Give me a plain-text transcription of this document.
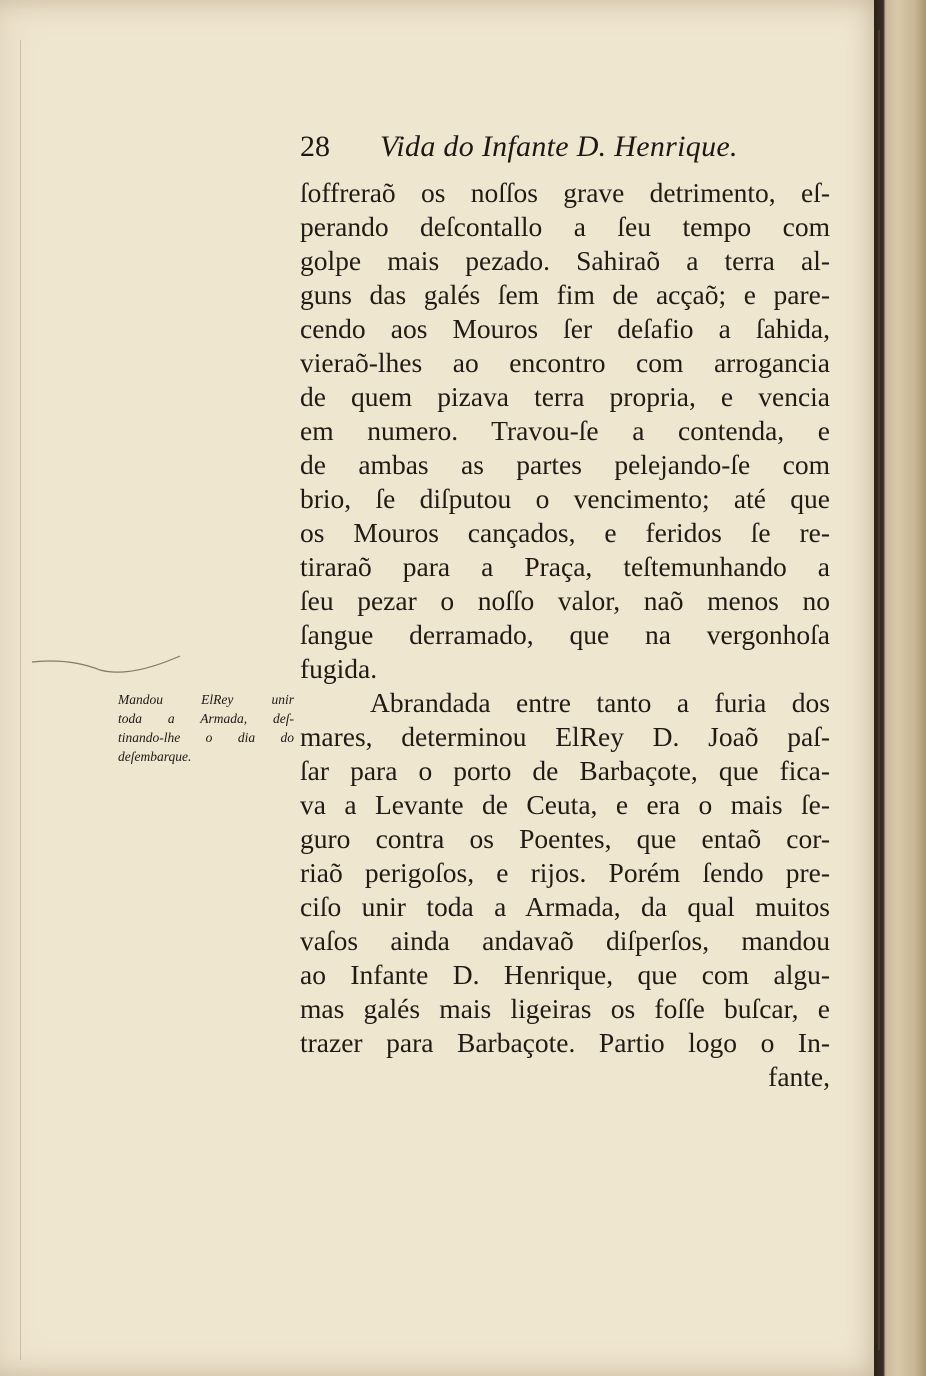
28 Vida do Infante D. Henrique.
ſoffreraõ os noſſos grave detrimento, eſ-
perando deſcontallo a ſeu tempo com
golpe mais pezado. Sahiraõ a terra al-
guns das galés ſem fim de acçaõ; e pare-
cendo aos Mouros ſer deſafio a ſahida,
vieraõ-lhes ao encontro com arrogancia
de quem pizava terra propria, e vencia
em numero. Travou-ſe a contenda, e
de ambas as partes pelejando-ſe com
brio, ſe diſputou o vencimento; até que
os Mouros cançados, e feridos ſe re-
tiraraõ para a Praça, teſtemunhando a
ſeu pezar o noſſo valor, naõ menos no
ſangue derramado, que na vergonhoſa
fugida.
Abrandada entre tanto a furia dos
mares, determinou ElRey D. Joaõ paſ-
ſar para o porto de Barbaçote, que fica-
va a Levante de Ceuta, e era o mais ſe-
guro contra os Poentes, que entaõ cor-
riaõ perigoſos, e rijos. Porém ſendo pre-
ciſo unir toda a Armada, da qual muitos
vaſos ainda andavaõ diſperſos, mandou
ao Infante D. Henrique, que com algu-
mas galés mais ligeiras os foſſe buſcar, e
trazer para Barbaçote. Partio logo o In-
fante,
Mandou ElRey unir
toda a Armada, deſ-
tinando-lhe o dia do
deſembarque.
